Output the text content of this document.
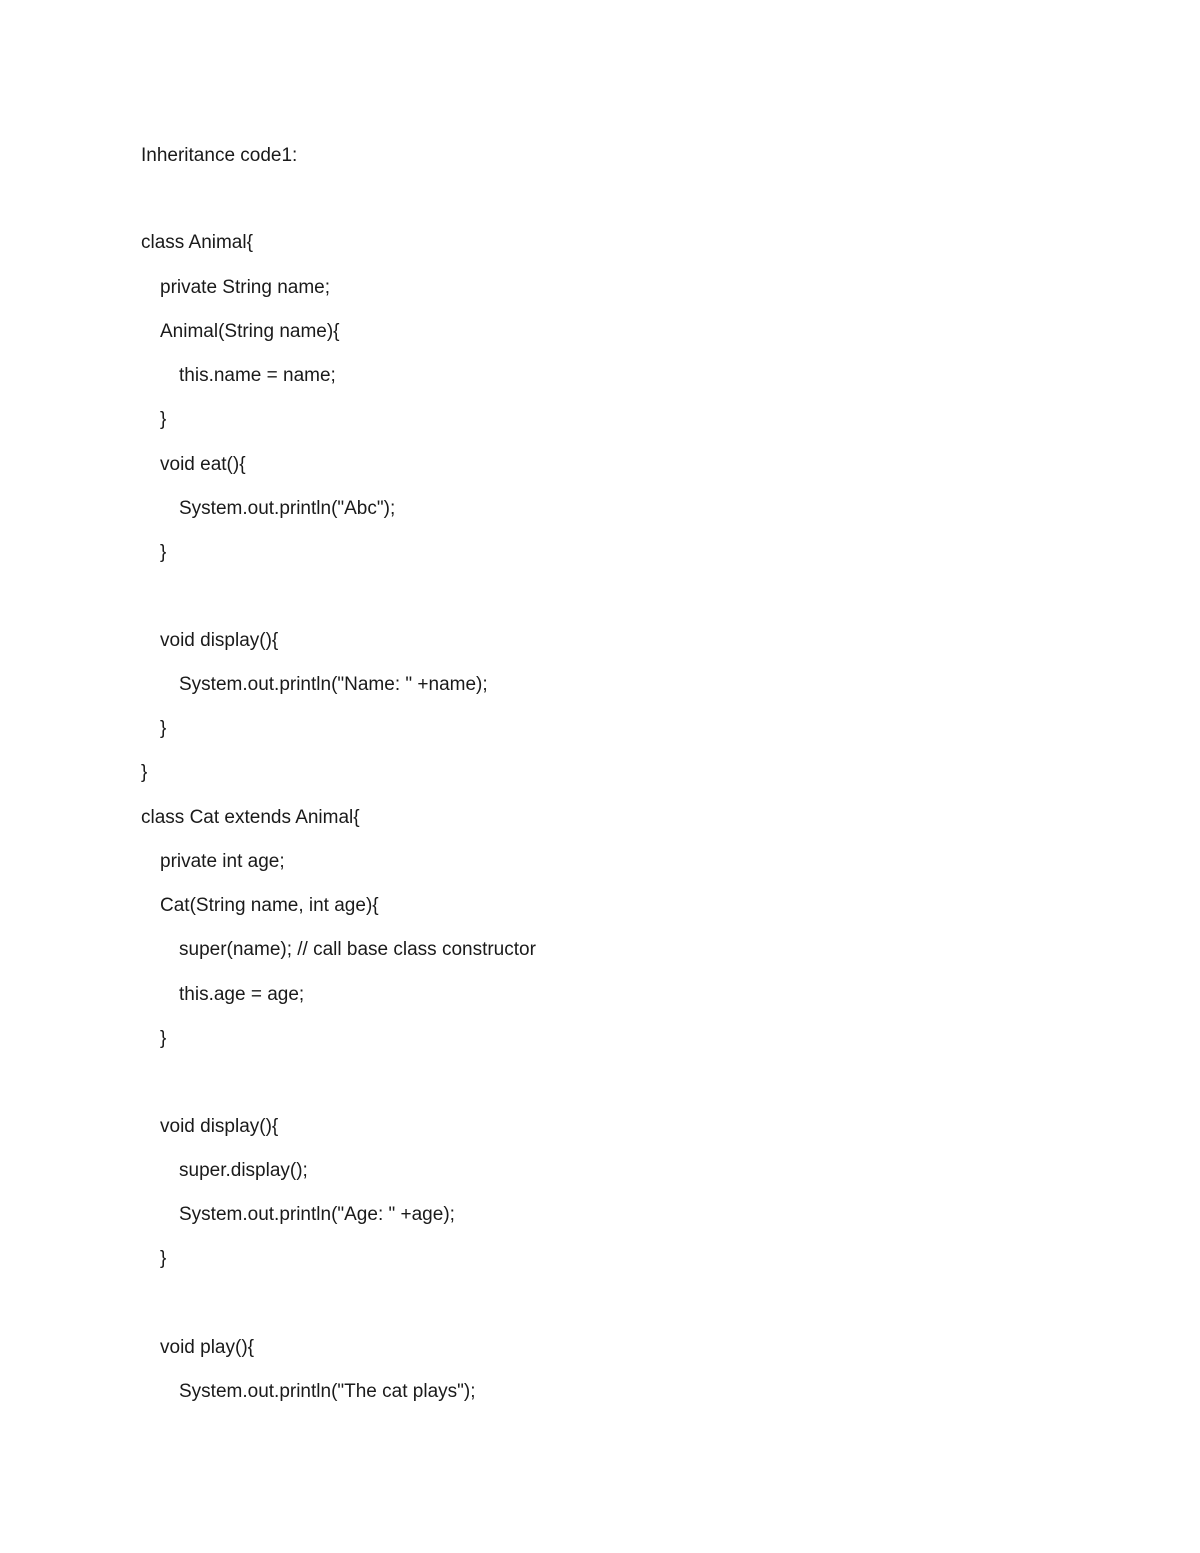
Inheritance code1:
class Animal{
private String name;
Animal(String name){
this.name = name;
}
void eat(){
System.out.println("Abc");
}
void display(){
System.out.println("Name: " +name);
}
}
class Cat extends Animal{
private int age;
Cat(String name, int age){
super(name); // call base class constructor
this.age = age;
}
void display(){
super.display();
System.out.println("Age: " +age);
}
void play(){
System.out.println("The cat plays");
